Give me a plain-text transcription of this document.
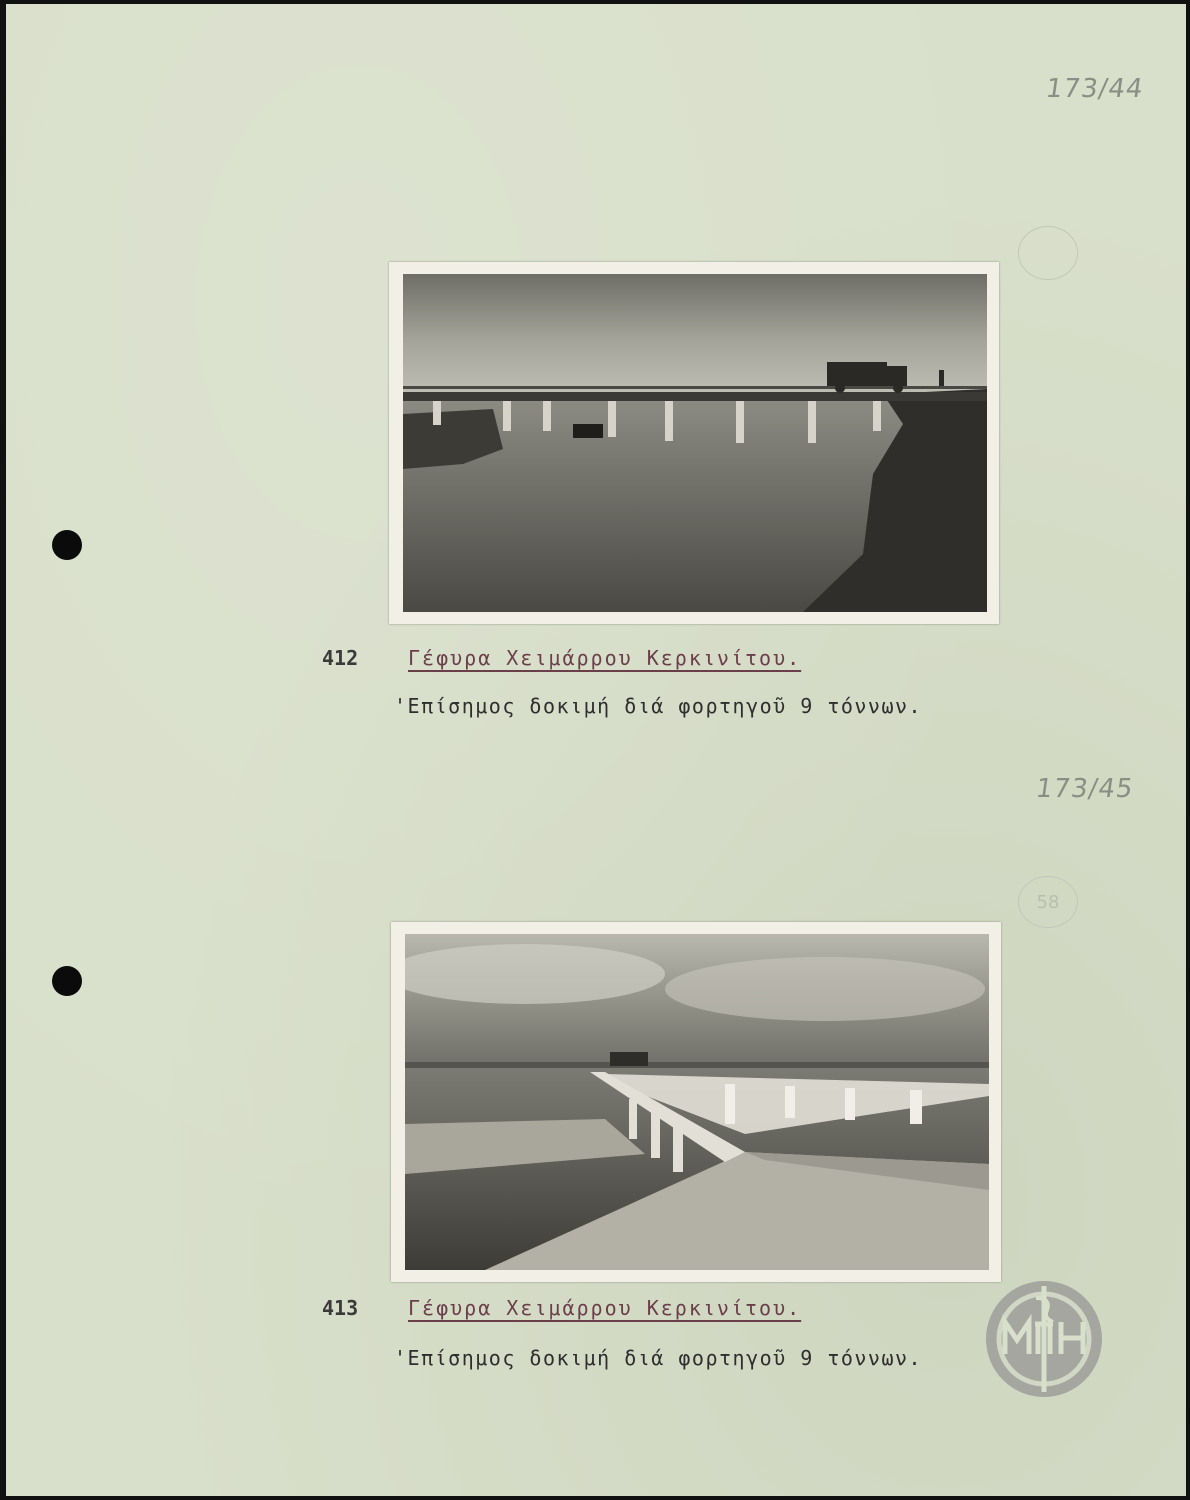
173/44
173/45
58
412 Γέφυρα Χειμάρρου Κερκινίτου.
'Επίσημος δοκιμή διά φορτηγοῦ 9 τόννων.
413 Γέφυρα Χειμάρρου Κερκινίτου.
'Επίσημος δοκιμή διά φορτηγοῦ 9 τόννων.
